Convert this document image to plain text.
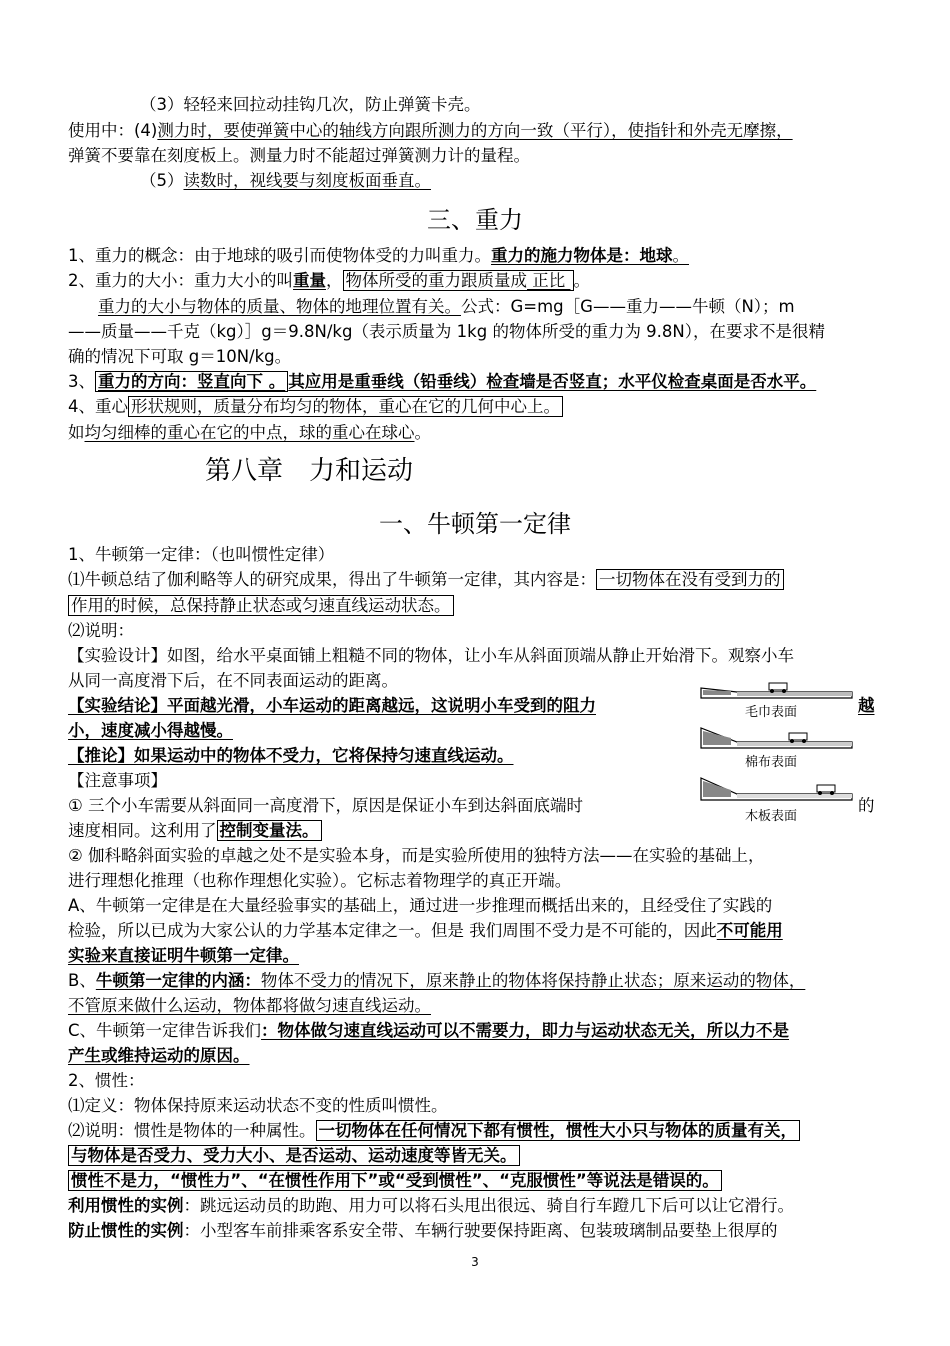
（3）轻轻来回拉动挂钩几次，防止弹簧卡壳。
使用中：(4)测力时，要使弹簧中心的轴线方向跟所测力的方向一致（平行），使指针和外壳无摩擦，
弹簧不要靠在刻度板上。测量力时不能超过弹簧测力计的量程。
（5）读数时，视线要与刻度板面垂直。
三、重力
1、重力的概念：由于地球的吸引而使物体受的力叫重力。重力的施力物体是：地球。
2、重力的大小：重力大小的叫重量， 物体所受的重力跟质量成 正比 。
重力的大小与物体的质量、物体的地理位置有关。公式：G=mg［G——重力——牛顿（N）；m
——质量——千克（kg）］g＝9.8N/kg（表示质量为 1kg 的物体所受的重力为 9.8N），在要求不是很精
确的情况下可取 g＝10N/kg。
3、 重力的方向：竖直向下 。 其应用是重垂线（铅垂线）检查墙是否竖直；水平仪检查桌面是否水平。
4、重心 形状规则，质量分布均匀的物体，重心在它的几何中心上。
如均匀细棒的重心在它的中点，球的重心在球心。
第八章　力和运动
一、牛顿第一定律
1、牛顿第一定律：（也叫惯性定律）
⑴牛顿总结了伽利略等人的研究成果，得出了牛顿第一定律，其内容是： 一切物体在没有受到力的
作用的时候，总保持静止状态或匀速直线运动状态。
⑵说明：
【实验设计】如图，给水平桌面铺上粗糙不同的物体，让小车从斜面顶端从静止开始滑下。观察小车
从同一高度滑下后，在不同表面运动的距离。
【实验结论】平面越光滑，小车运动的距离越远，这说明小车受到的阻力	越
小，速度减小得越慢。
【推论】如果运动中的物体不受力，它将保持匀速直线运动。
【注意事项】
① 三个小车需要从斜面同一高度滑下，原因是保证小车到达斜面底端时	的
速度相同。这利用了 控制变量法。
② 伽科略斜面实验的卓越之处不是实验本身，而是实验所使用的独特方法——在实验的基础上，
进行理想化推理（也称作理想化实验）。它标志着物理学的真正开端。
A、牛顿第一定律是在大量经验事实的基础上，通过进一步推理而概括出来的，且经受住了实践的
检验，所以已成为大家公认的力学基本定律之一。但是 我们周围不受力是不可能的，因此不可能用
实验来直接证明牛顿第一定律。
B、牛顿第一定律的内涵：物体不受力的情况下，原来静止的物体将保持静止状态；原来运动的物体，
不管原来做什么运动，物体都将做匀速直线运动。
C、牛顿第一定律告诉我们：物体做匀速直线运动可以不需要力，即力与运动状态无关，所以力不是
产生或维持运动的原因。
2、惯性：
⑴定义：物体保持原来运动状态不变的性质叫惯性。
⑵说明：惯性是物体的一种属性。 一切物体在任何情况下都有惯性，惯性大小只与物体的质量有关，
与物体是否受力、受力大小、是否运动、运动速度等皆无关。
惯性不是力，“惯性力”、“在惯性作用下”或“受到惯性”、“克服惯性”等说法是错误的。
利用惯性的实例：跳远运动员的助跑、用力可以将石头甩出很远、骑自行车蹬几下后可以让它滑行。
防止惯性的实例：小型客车前排乘客系安全带、车辆行驶要保持距离、包装玻璃制品要垫上很厚的
毛巾表面
棉布表面
木板表面
3
